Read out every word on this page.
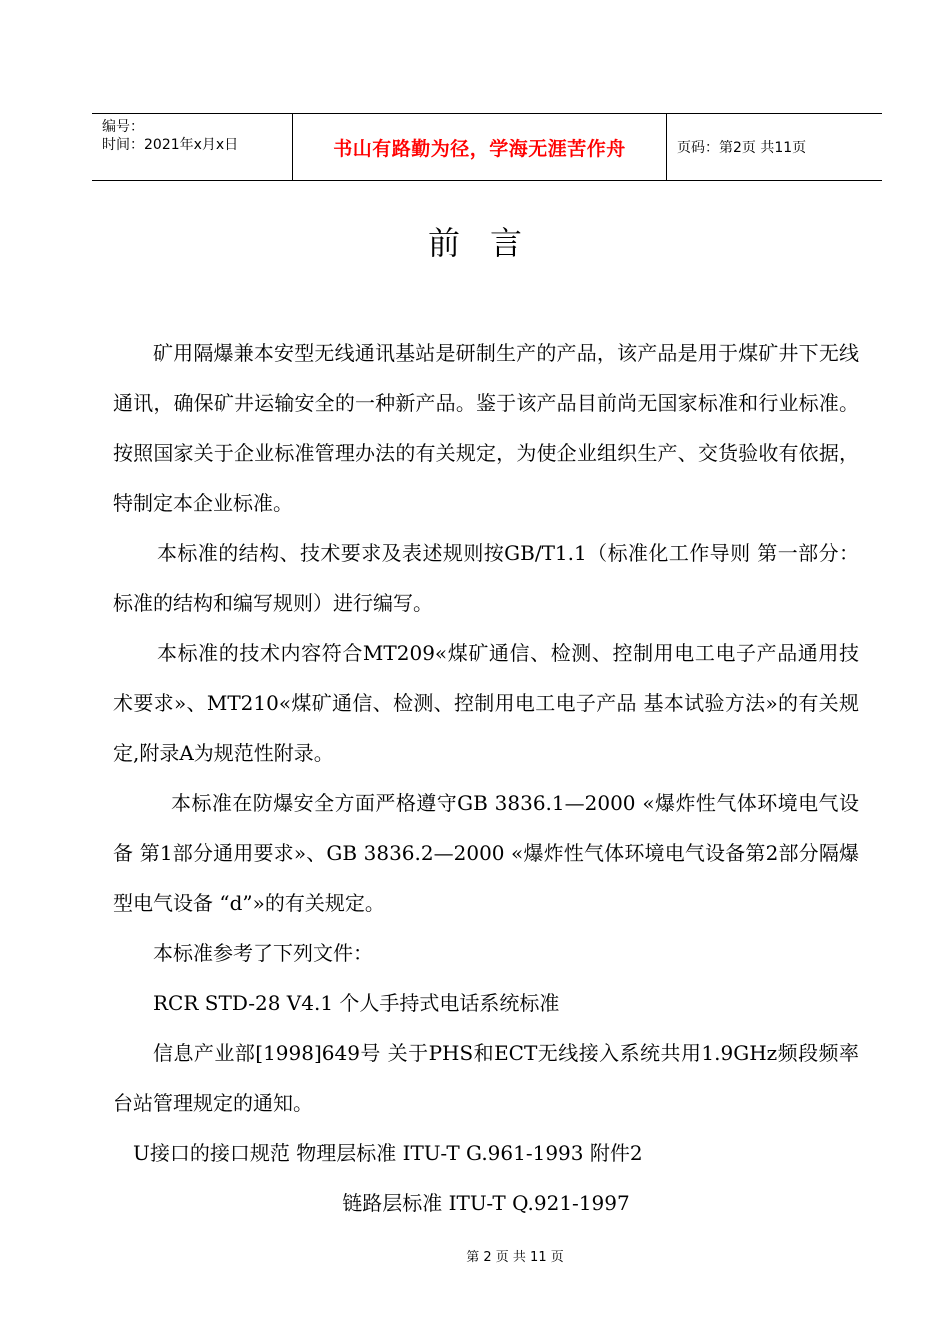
编号：
时间：2021年x月x日	书山有路勤为径，学海无涯苦作舟	页码：第2页 共11页
前言

矿用隔爆兼本安型无线通讯基站是研制生产的产品，该产品是用于煤矿井下无线通讯，确保矿井运输安全的一种新产品。鉴于该产品目前尚无国家标准和行业标准。按照国家关于企业标准管理办法的有关规定，为使企业组织生产、交货验收有依据，特制定本企业标准。

本标准的结构、技术要求及表述规则按GB/T1.1（标准化工作导则 第一部分：标准的结构和编写规则）进行编写。

本标准的技术内容符合MT209«煤矿通信、检测、控制用电工电子产品通用技术要求»、MT210«煤矿通信、检测、控制用电工电子产品 基本试验方法»的有关规定,附录A为规范性附录。

本标准在防爆安全方面严格遵守GB 3836.1—2000 «爆炸性气体环境电气设备 第1部分通用要求»、GB 3836.2—2000 «爆炸性气体环境电气设备第2部分隔爆型电气设备 “d”»的有关规定。

本标准参考了下列文件：

RCR STD-28 V4.1 个人手持式电话系统标准

信息产业部[1998]649号 关于PHS和ECT无线接入系统共用1.9GHz频段频率台站管理规定的通知。

U接口的接口规范 物理层标准 ITU-T G.961-1993 附件2

链路层标准 ITU-T Q.921-1997

第 2 页 共 11 页
